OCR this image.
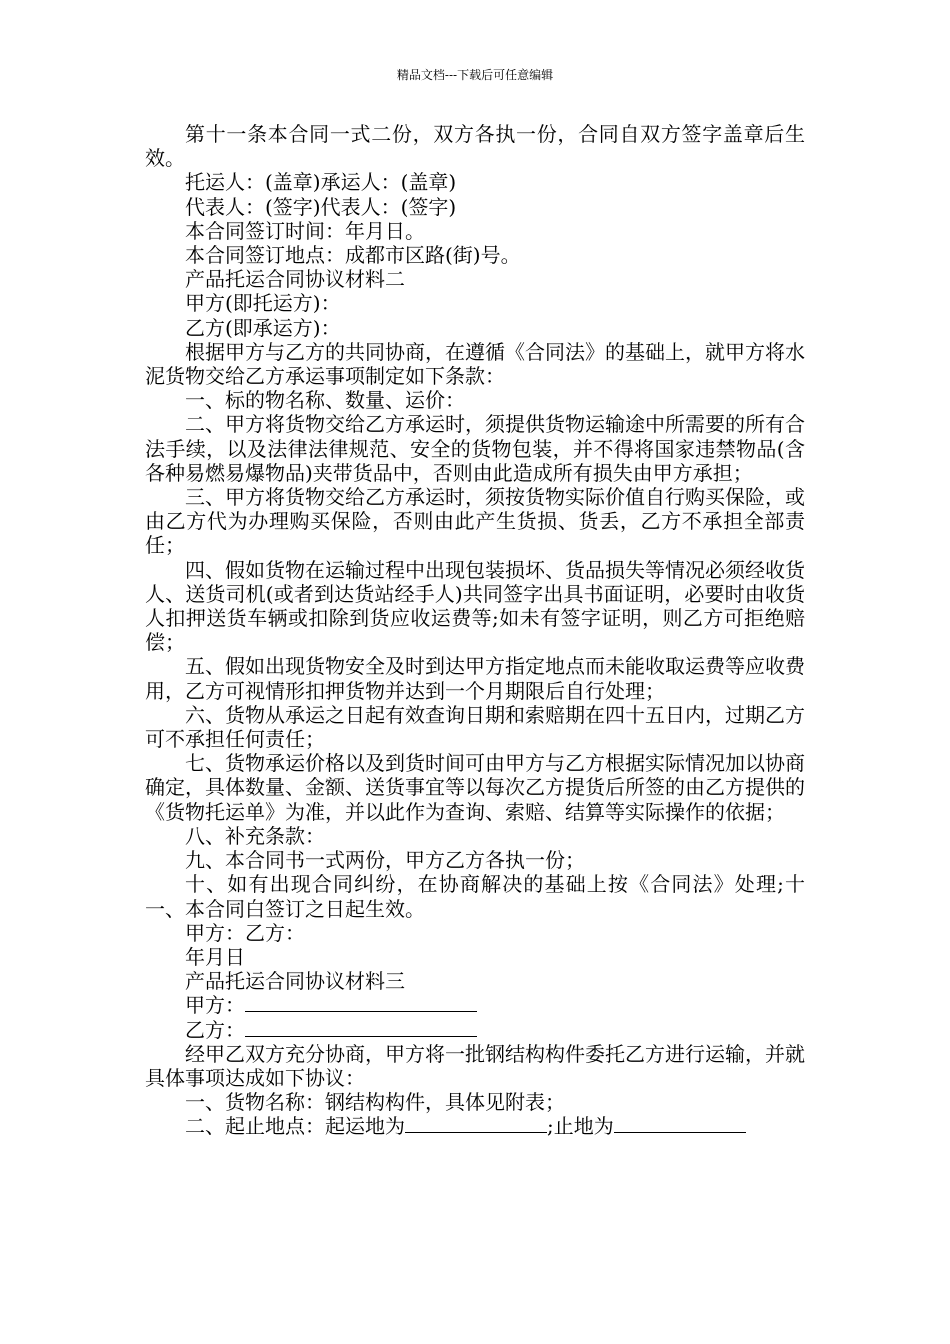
精品文档---下载后可任意编辑

第十一条本合同一式二份，双方各执一份，合同自双方签字盖章后生效。

托运人：(盖章)承运人：(盖章)

代表人：(签字)代表人：(签字)

本合同签订时间：年月日。

本合同签订地点：成都市区路(街)号。

产品托运合同协议材料二

甲方(即托运方)：

乙方(即承运方)：

根据甲方与乙方的共同协商，在遵循《合同法》的基础上，就甲方将水泥货物交给乙方承运事项制定如下条款：

一、标的物名称、数量、运价：

二、甲方将货物交给乙方承运时，须提供货物运输途中所需要的所有合法手续，以及法律法律规范、安全的货物包装，并不得将国家违禁物品(含各种易燃易爆物品)夹带货品中，否则由此造成所有损失由甲方承担；

三、甲方将货物交给乙方承运时，须按货物实际价值自行购买保险，或由乙方代为办理购买保险，否则由此产生货损、货丢，乙方不承担全部责任；

四、假如货物在运输过程中出现包装损坏、货品损失等情况必须经收货人、送货司机(或者到达货站经手人)共同签字出具书面证明，必要时由收货人扣押送货车辆或扣除到货应收运费等;如未有签字证明，则乙方可拒绝赔偿；

五、假如出现货物安全及时到达甲方指定地点而未能收取运费等应收费用，乙方可视情形扣押货物并达到一个月期限后自行处理；

六、货物从承运之日起有效查询日期和索赔期在四十五日内，过期乙方可不承担任何责任；

七、货物承运价格以及到货时间可由甲方与乙方根据实际情况加以协商确定，具体数量、金额、送货事宜等以每次乙方提货后所签的由乙方提供的《货物托运单》为准，并以此作为查询、索赔、结算等实际操作的依据；

八、补充条款：

九、本合同书一式两份，甲方乙方各执一份；

十、如有出现合同纠纷，在协商解决的基础上按《合同法》处理;十一、本合同白签订之日起生效。

甲方：乙方：

年月日

产品托运合同协议材料三

甲方：

乙方：

经甲乙双方充分协商，甲方将一批钢结构构件委托乙方进行运输，并就具体事项达成如下协议：

一、货物名称：钢结构构件，具体见附表；

二、起止地点：起运地为	;止地为
